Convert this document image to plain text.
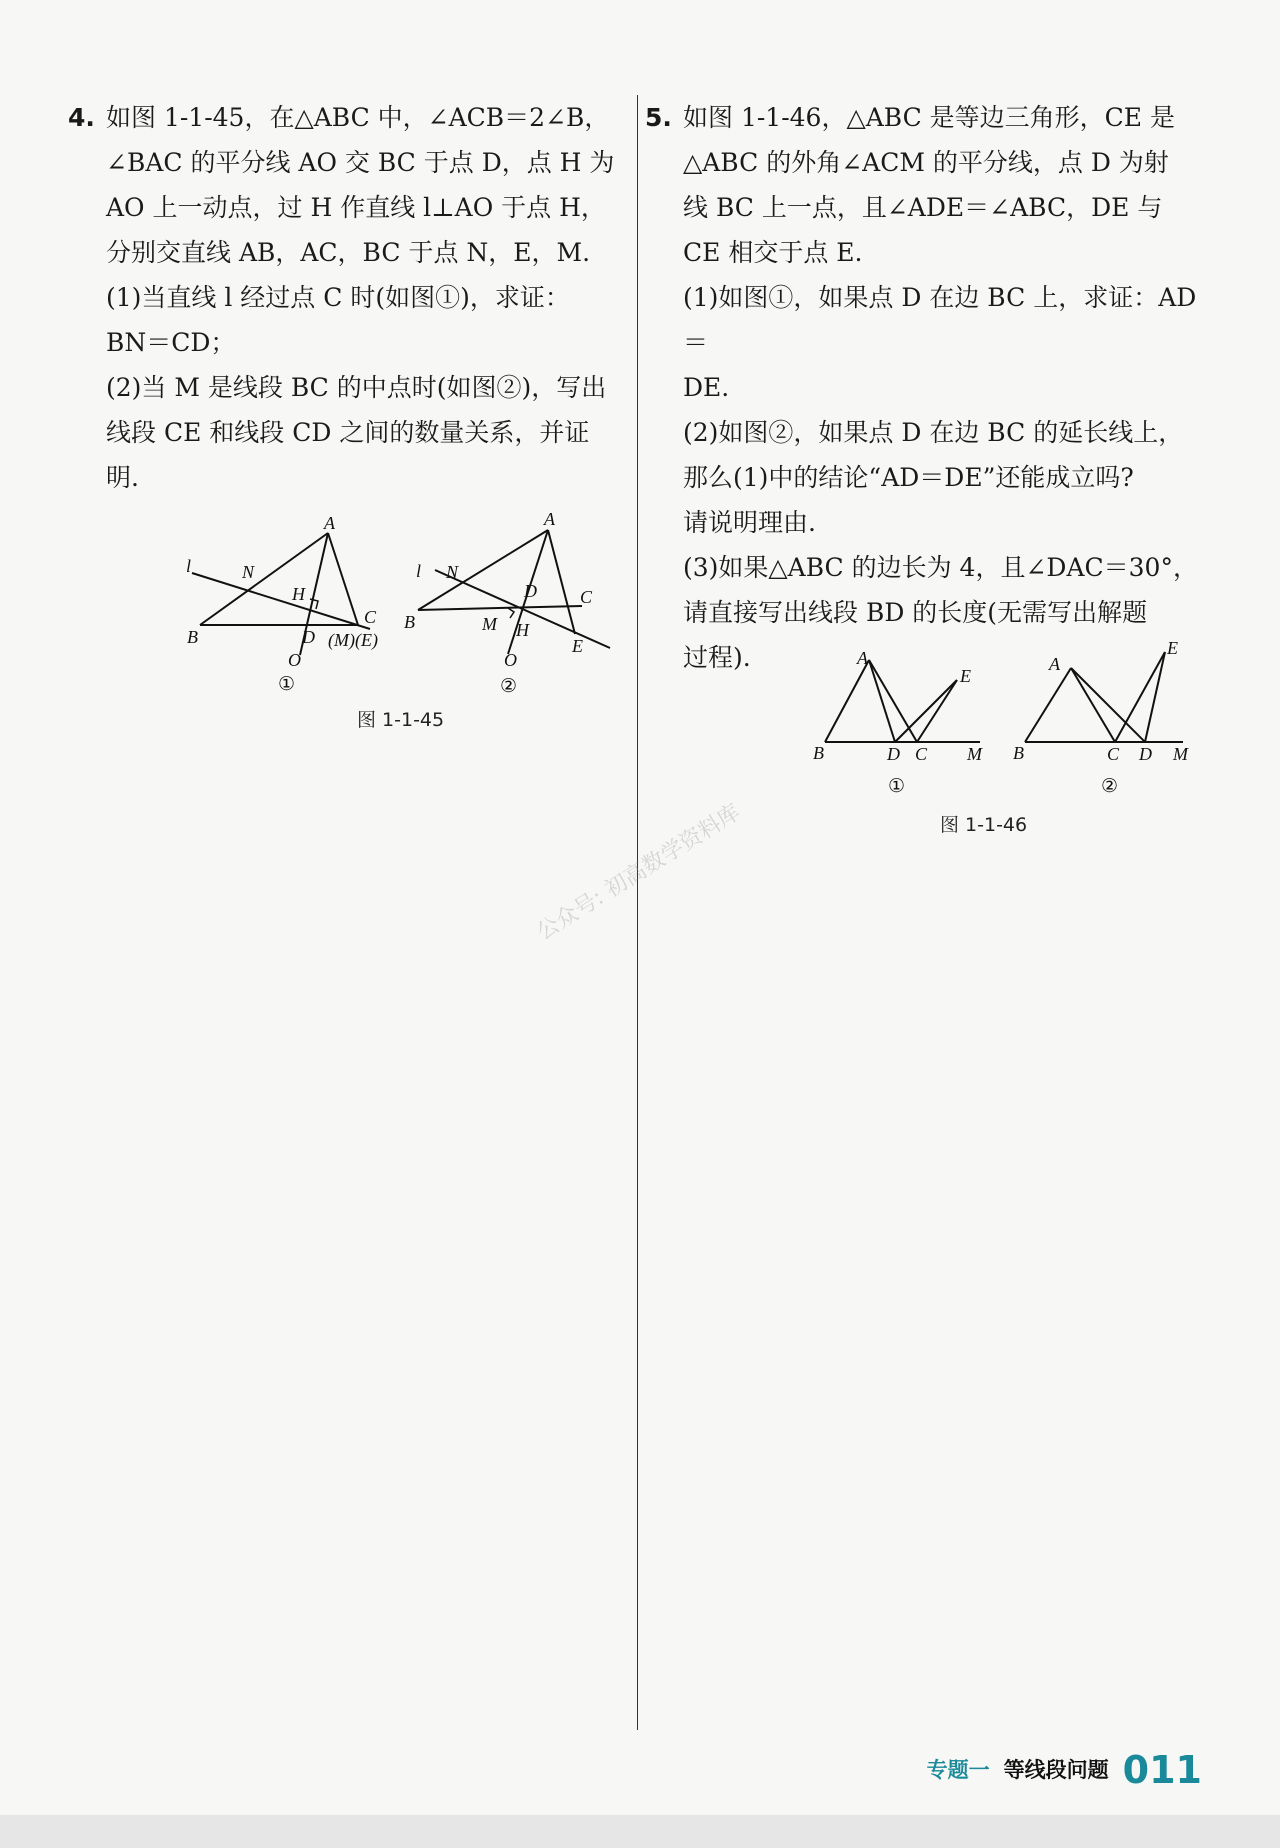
4. 如图 1-1-45，在△ABC 中，∠ACB＝2∠B，

∠BAC 的平分线 AO 交 BC 于点 D，点 H 为

AO 上一动点，过 H 作直线 l⊥AO 于点 H，

分别交直线 AB，AC，BC 于点 N，E，M.

(1)当直线 l 经过点 C 时(如图①)，求证：

BN＝CD；

(2)当 M 是线段 BC 的中点时(如图②)，写出

线段 CE 和线段 CD 之间的数量关系，并证

明.

l	N
A
H
B	D
C
(M)(E)
O
①
l N
A
D C
B	M H
E
O
②
图 1-1-45

5. 如图 1-1-46，△ABC 是等边三角形，CE 是

△ABC 的外角∠ACM 的平分线，点 D 为射

线 BC 上一点，且∠ADE＝∠ABC，DE 与

CE 相交于点 E.

(1)如图①，如果点 D 在边 BC 上，求证：AD＝

DE.

(2)如图②，如果点 D 在边 BC 的延长线上，

那么(1)中的结论“AD＝DE”还能成立吗?

请说明理由.

(3)如果△ABC 的边长为 4，且∠DAC＝30°，

请直接写出线段 BD 的长度(无需写出解题

过程).	A
E
B	D C M
①
A
E
B	C D M
②
图 1-1-46
公众号: 初高数学资料库
专题一 等线段问题 011
